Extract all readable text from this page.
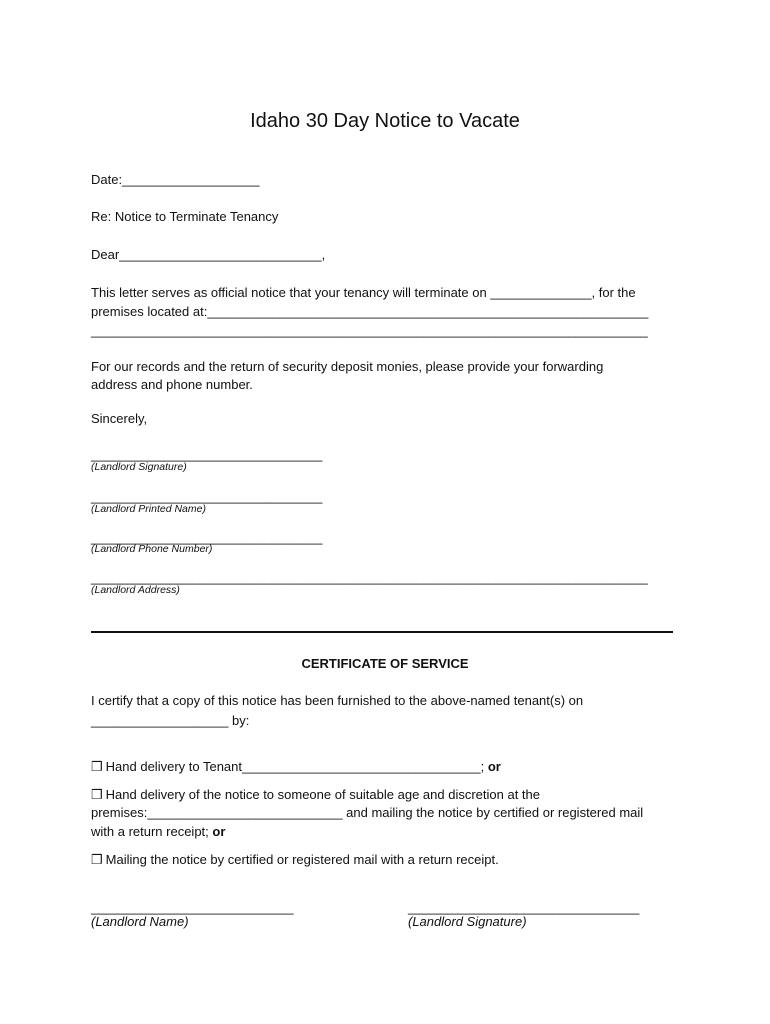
Idaho 30 Day Notice to Vacate
Date:___________________
Re: Notice to Terminate Tenancy
Dear____________________________,
This letter serves as official notice that your tenancy will terminate on ______________, for the
premises located at:_____________________________________________________________
_____________________________________________________________________________
For our records and the return of security deposit monies, please provide your forwarding
address and phone number.
Sincerely,
________________________________
(Landlord Signature)
________________________________
(Landlord Printed Name)
________________________________
(Landlord Phone Number)
_____________________________________________________________________________
(Landlord Address)
CERTIFICATE OF SERVICE
I certify that a copy of this notice has been furnished to the above-named tenant(s) on
___________________ by:
❒ Hand delivery to Tenant_________________________________; or
❒ Hand delivery of the notice to someone of suitable age and discretion at the
premises:___________________________ and mailing the notice by certified or registered mail
with a return receipt; or
❒ Mailing the notice by certified or registered mail with a return receipt.
____________________________
(Landlord Name)
________________________________
(Landlord Signature)
